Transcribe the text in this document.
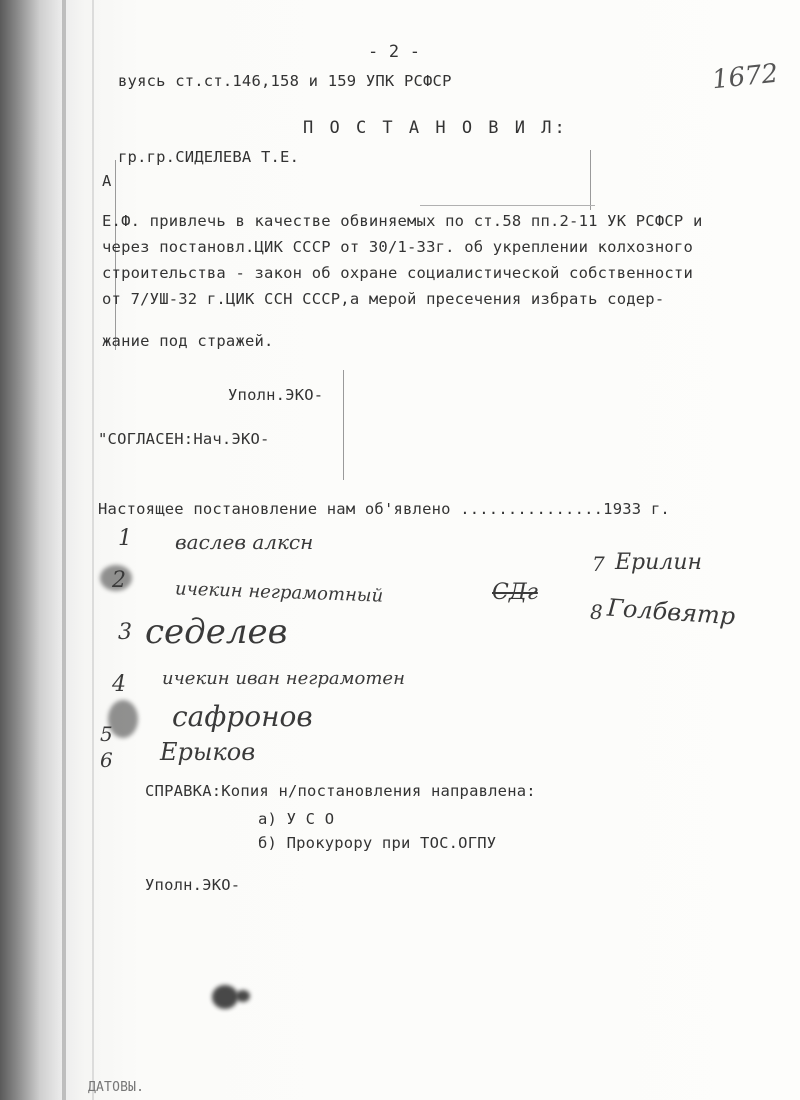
- 2 -
1672
вуясь ст.ст.146,158 и 159 УПК РСФСР
П О С Т А Н О В И Л:
гр.гр.СИДЕЛЕВА Т.Е.
А
Е.Ф. привлечь в качестве обвиняемых по ст.58 пп.2-11 УК РСФСР и
через постановл.ЦИК СССР от 30/1-33г. об укреплении колхозного
строительства - закон об охране социалистической собственности
от 7/УШ-32 г.ЦИК ССН СССР,а мерой пресечения избрать содер-
жание под стражей.
Уполн.ЭКО-
"СОГЛАСЕН:Нач.ЭКО-
Настоящее постановление нам об'явлено ...............1933 г.
1 васлев алксн
2	ичекин неграмотный	СДг
7 Ерилин
8 Голбвятр
3 седелев
4 ичекин иван неграмотен
5
сафронов
6 Ерыков
СПРАВКА:Копия н/постановления направлена:
а) У С О
б) Прокурору при ТОС.ОГПУ
Уполн.ЭКО-
ДАТОВЫ.
